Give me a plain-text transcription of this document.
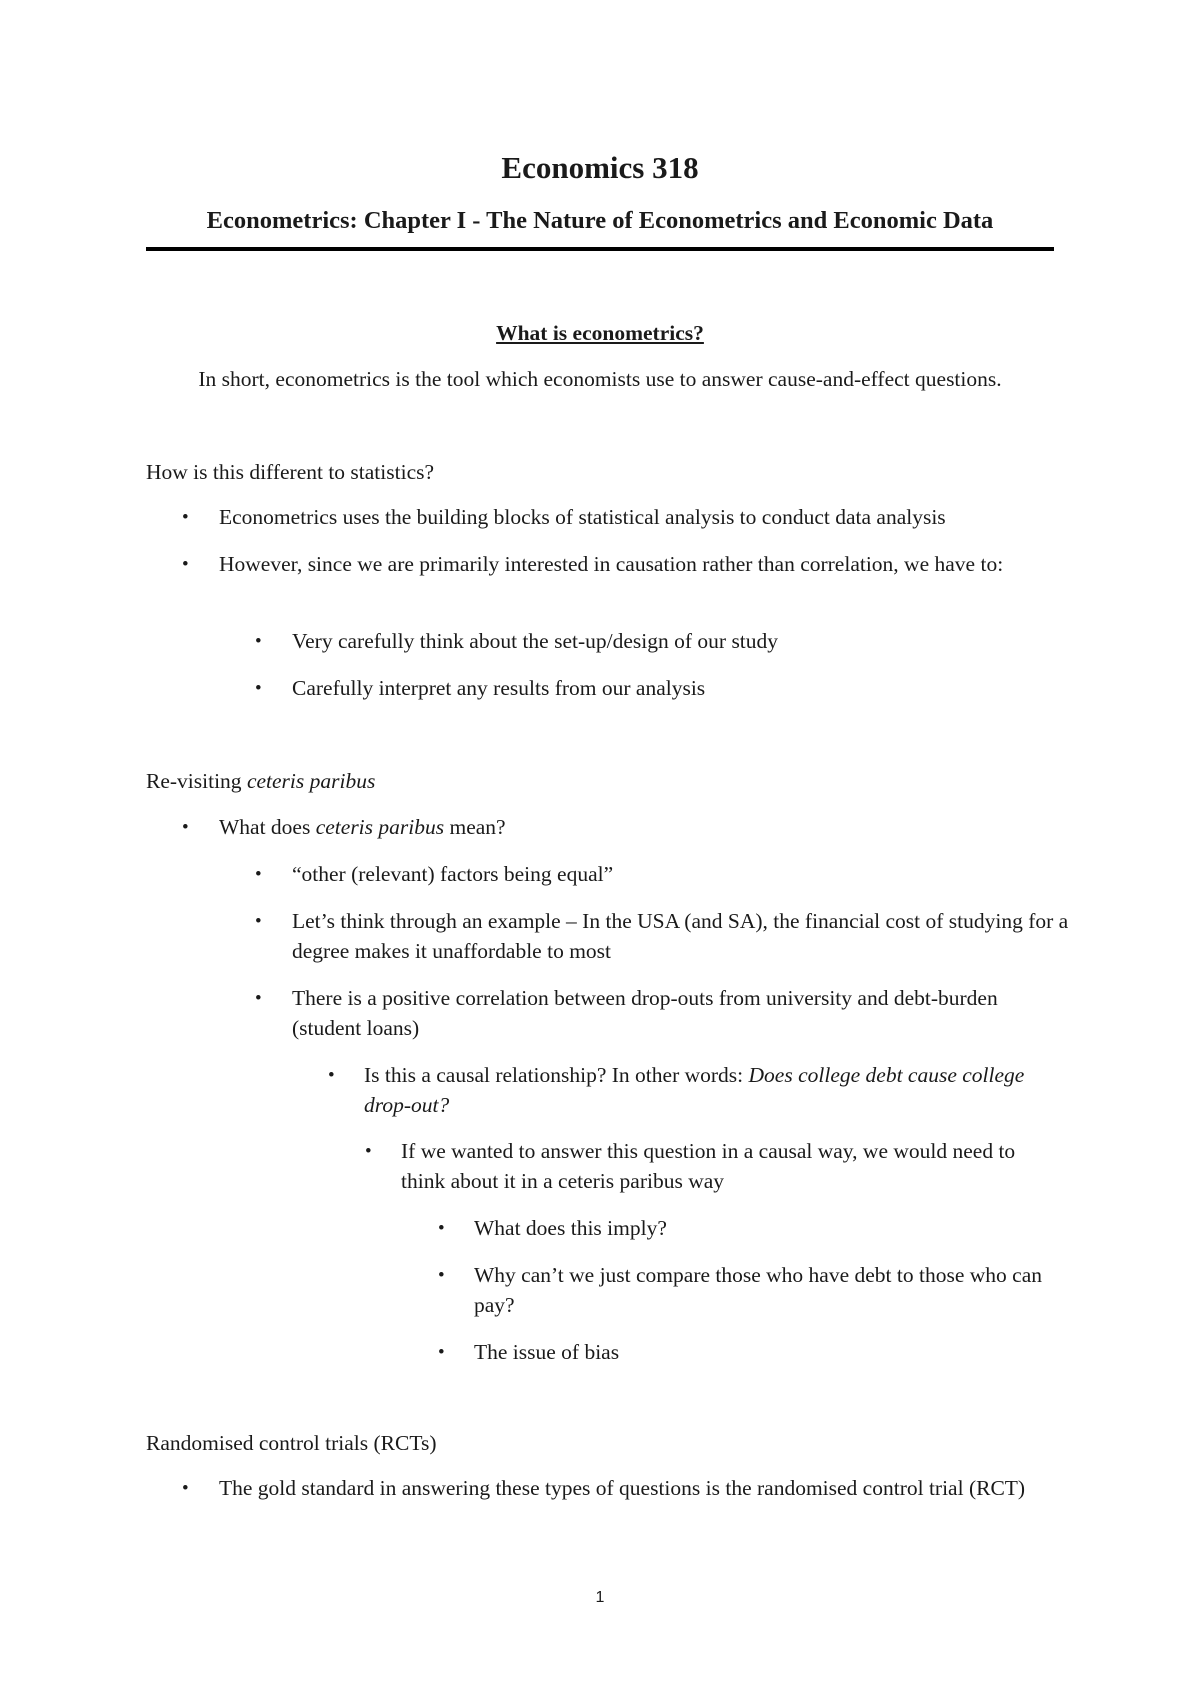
Economics 318
Econometrics: Chapter I - The Nature of Econometrics and Economic Data
What is econometrics?
In short, econometrics is the tool which economists use to answer cause-and-effect questions.
How is this different to statistics?
• Econometrics uses the building blocks of statistical analysis to conduct data analysis
• However, since we are primarily interested in causation rather than correlation, we have to:
• Very carefully think about the set-up/design of our study
• Carefully interpret any results from our analysis
Re-visiting ceteris paribus
• What does ceteris paribus mean?
• “other (relevant) factors being equal”
• Let’s think through an example – In the USA (and SA), the financial cost of studying for a degree makes it unaffordable to most
• There is a positive correlation between drop-outs from university and debt-burden (student loans)
• Is this a causal relationship? In other words: Does college debt cause college drop-out?
• If we wanted to answer this question in a causal way, we would need to think about it in a ceteris paribus way
• What does this imply?
• Why can’t we just compare those who have debt to those who can pay?
• The issue of bias
Randomised control trials (RCTs)
• The gold standard in answering these types of questions is the randomised control trial (RCT)
1
